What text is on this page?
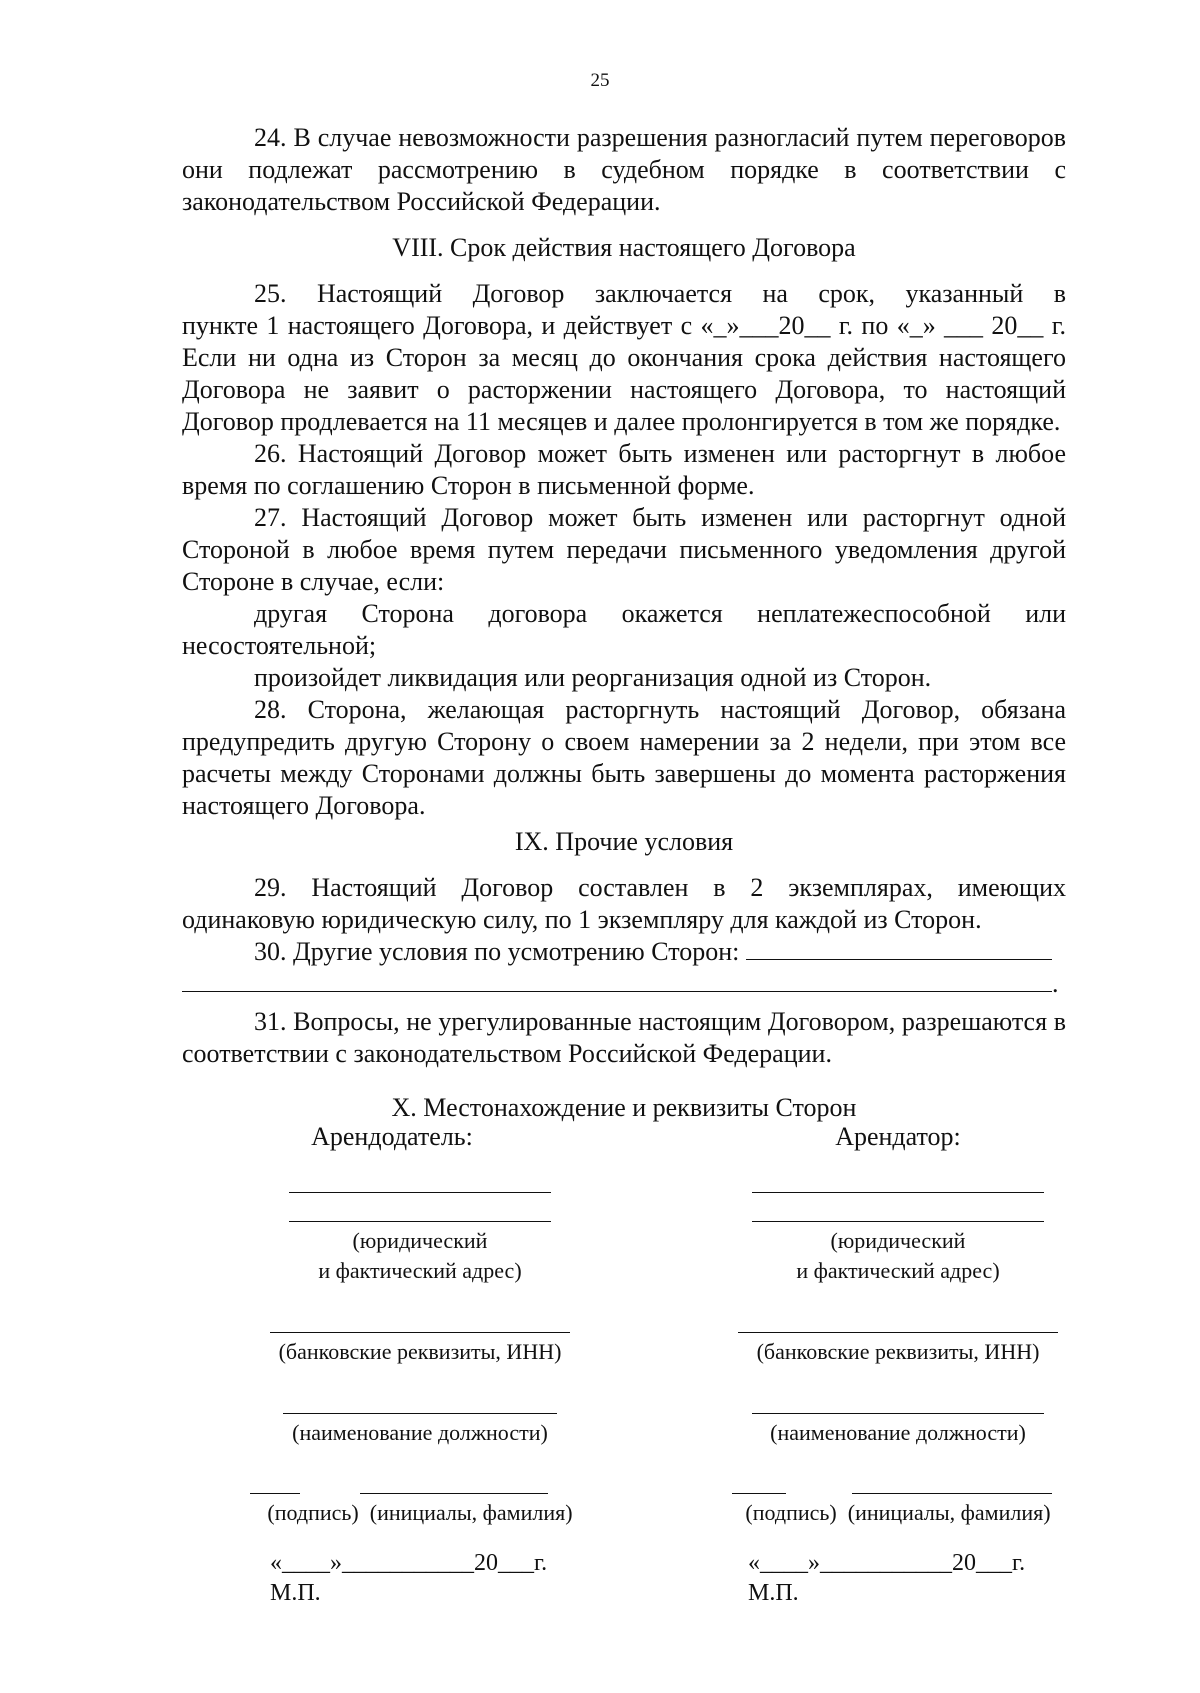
25

24. В случае невозможности разрешения разногласий путем переговоров они подлежат рассмотрению в судебном порядке в соответствии с законодательством Российской Федерации.

VIII. Срок действия настоящего Договора

25. Настоящий Договор заключается на срок, указанный в

пункте 1 настоящего Договора, и действует с «_»___20__ г. по «_» ___ 20__ г.

Если ни одна из Сторон за месяц до окончания срока действия настоящего Договора не заявит о расторжении настоящего Договора, то настоящий Договор продлевается на 11 месяцев и далее пролонгируется в том же порядке.

26. Настоящий Договор может быть изменен или расторгнут в любое время по соглашению Сторон в письменной форме.

27. Настоящий Договор может быть изменен или расторгнут одной Стороной в любое время путем передачи письменного уведомления другой Стороне в случае, если:

другая Сторона договора окажется неплатежеспособной или несостоятельной;

произойдет ликвидация или реорганизация одной из Сторон.

28. Сторона, желающая расторгнуть настоящий Договор, обязана предупредить другую Сторону о своем намерении за 2 недели, при этом все расчеты между Сторонами должны быть завершены до момента расторжения настоящего Договора.

IX. Прочие условия

29. Настоящий Договор составлен в 2 экземплярах, имеющих одинаковую юридическую силу, по 1 экземпляру для каждой из Сторон.

30. Другие условия по усмотрению Сторон:

.

31. Вопросы, не урегулированные настоящим Договором, разрешаются в соответствии с законодательством Российской Федерации.

X. Местонахождение и реквизиты Сторон

Арендодатель:
(юридический
и фактический адрес)
(банковские реквизиты, ИНН)
(наименование должности)
(подпись)  (инициалы, фамилия)
«____»___________20___г.
М.П.
Арендатор:
(юридический
и фактический адрес)
(банковские реквизиты, ИНН)
(наименование должности)
(подпись)  (инициалы, фамилия)
«____»___________20___г.
М.П.
